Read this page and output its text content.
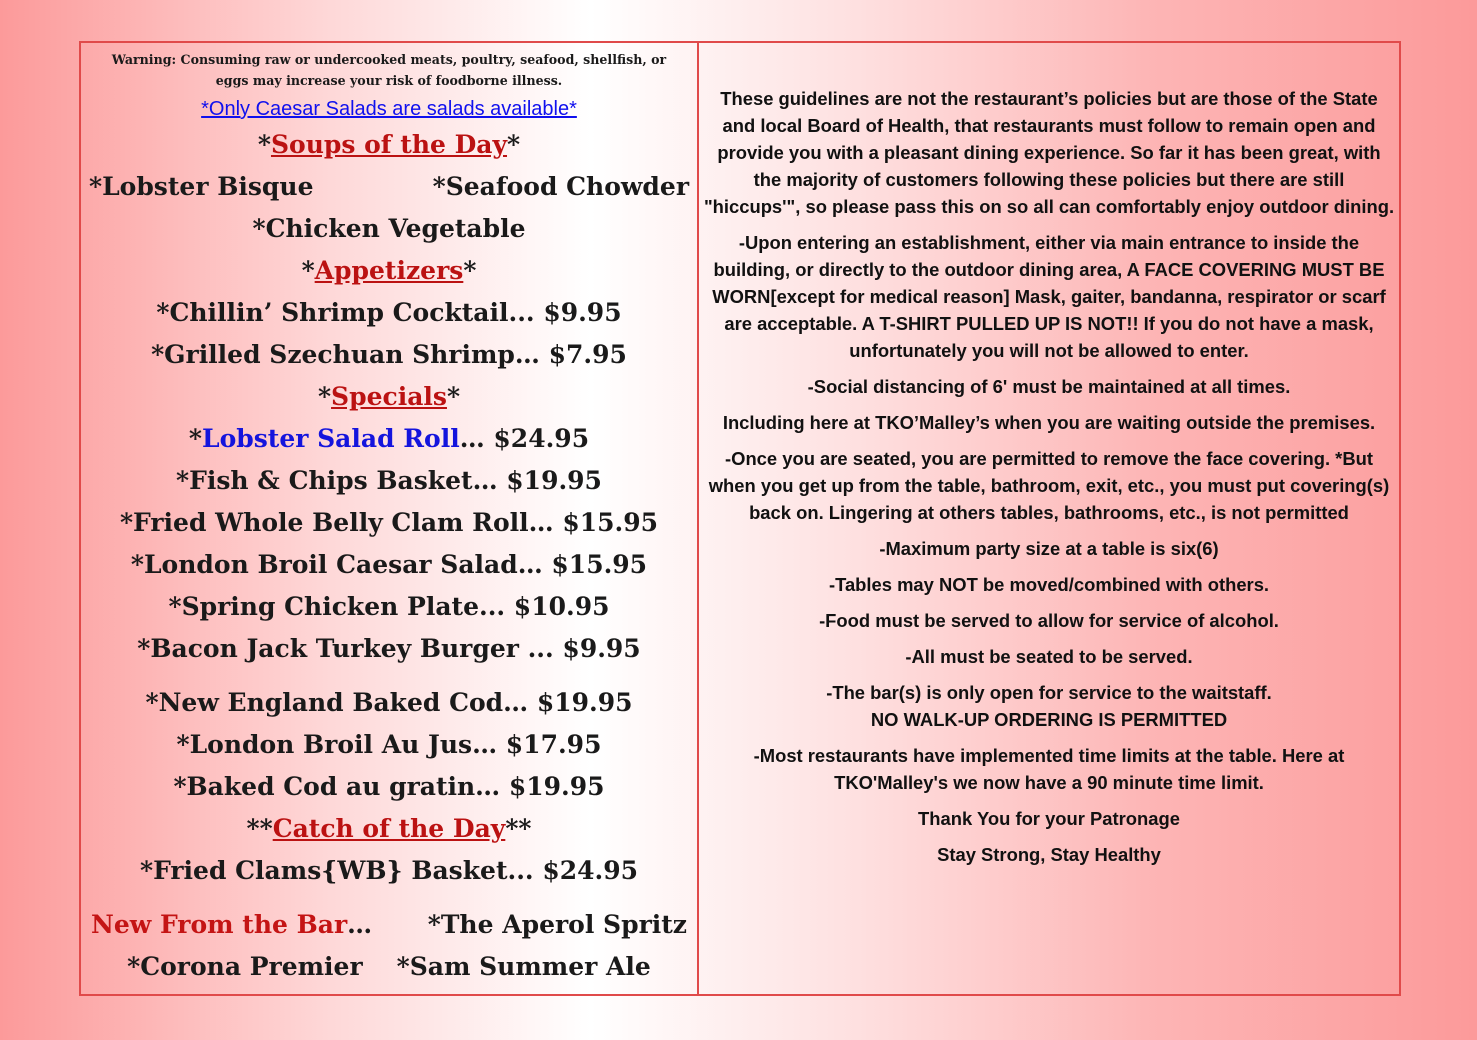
Warning: Consuming raw or undercooked meats, poultry, seafood, shellfish, or eggs may increase your risk of foodborne illness.
*Only Caesar Salads are salads available*
*Soups of the Day*
*Lobster Bisque	*Seafood Chowder
*Chicken Vegetable
*Appetizers*
*Chillin’ Shrimp Cocktail... $9.95
*Grilled Szechuan Shrimp… $7.95
*Specials*
*Lobster Salad Roll… $24.95
*Fish & Chips Basket… $19.95
*Fried Whole Belly Clam Roll… $15.95
*London Broil Caesar Salad… $15.95
*Spring Chicken Plate... $10.95
*Bacon Jack Turkey Burger ... $9.95
*New England Baked Cod… $19.95
*London Broil Au Jus… $17.95
*Baked Cod au gratin… $19.95
**Catch of the Day**
*Fried Clams{WB} Basket... $24.95
New From the Bar… *The Aperol Spritz
*Corona Premier *Sam Summer Ale

These guidelines are not the restaurant’s policies but are those of the State and local Board of Health, that restaurants must follow to remain open and provide you with a pleasant dining experience. So far it has been great, with the majority of customers following these policies but there are still "hiccups'", so please pass this on so all can comfortably enjoy outdoor dining.

-Upon entering an establishment, either via main entrance to inside the building, or directly to the outdoor dining area, A FACE COVERING MUST BE WORN[except for medical reason] Mask, gaiter, bandanna, respirator or scarf are acceptable. A T-SHIRT PULLED UP IS NOT!! If you do not have a mask, unfortunately you will not be allowed to enter.

-Social distancing of 6' must be maintained at all times.

Including here at TKO’Malley’s when you are waiting outside the premises.

-Once you are seated, you are permitted to remove the face covering. *But when you get up from the table, bathroom, exit, etc., you must put covering(s) back on. Lingering at others tables, bathrooms, etc., is not permitted

-Maximum party size at a table is six(6)

-Tables may NOT be moved/combined with others.

-Food must be served to allow for service of alcohol.

-All must be seated to be served.

-The bar(s) is only open for service to the waitstaff.

NO WALK-UP ORDERING IS PERMITTED

-Most restaurants have implemented time limits at the table. Here at TKO'Malley's we now have a 90 minute time limit.

Thank You for your Patronage

Stay Strong, Stay Healthy
